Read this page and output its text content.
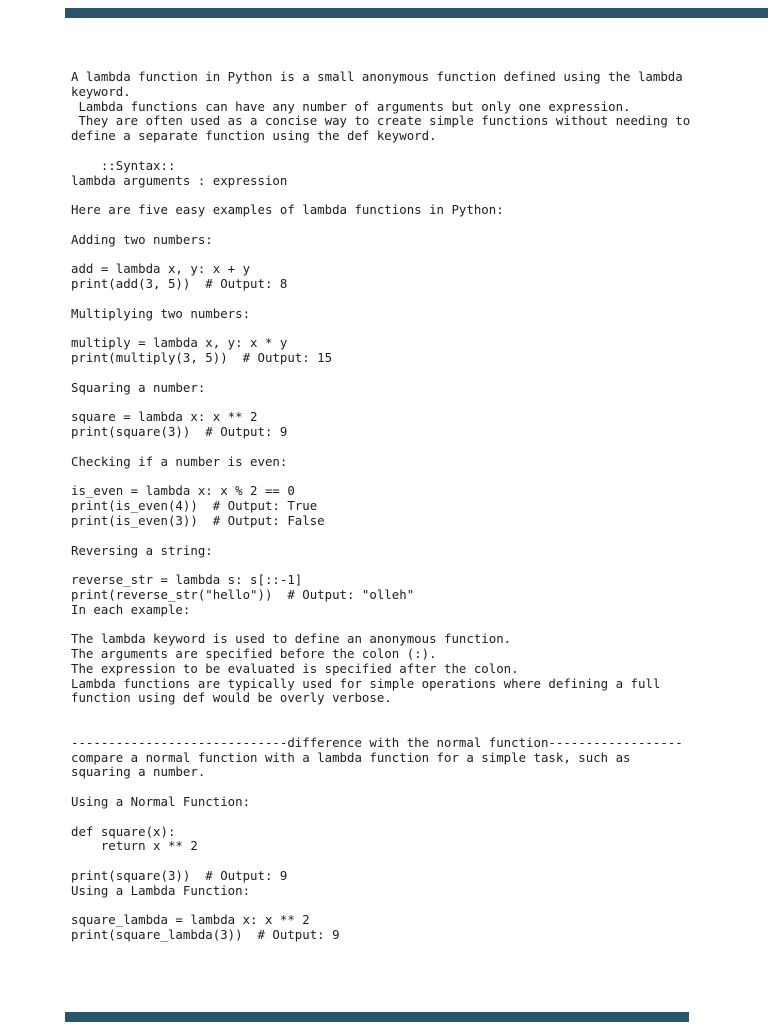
A lambda function in Python is a small anonymous function defined using the lambda
keyword.
Lambda functions can have any number of arguments but only one expression.
They are often used as a concise way to create simple functions without needing to
define a separate function using the def keyword.

::Syntax::
lambda arguments : expression

Here are five easy examples of lambda functions in Python:

Adding two numbers:

add = lambda x, y: x + y
print(add(3, 5))  # Output: 8

Multiplying two numbers:

multiply = lambda x, y: x * y
print(multiply(3, 5))  # Output: 15

Squaring a number:

square = lambda x: x ** 2
print(square(3))  # Output: 9

Checking if a number is even:

is_even = lambda x: x % 2 == 0
print(is_even(4))  # Output: True
print(is_even(3))  # Output: False

Reversing a string:

reverse_str = lambda s: s[::-1]
print(reverse_str("hello"))  # Output: "olleh"
In each example:

The lambda keyword is used to define an anonymous function.
The arguments are specified before the colon (:).
The expression to be evaluated is specified after the colon.
Lambda functions are typically used for simple operations where defining a full
function using def would be overly verbose.

-----------------------------difference with the normal function------------------
compare a normal function with a lambda function for a simple task, such as
squaring a number.

Using a Normal Function:

def square(x):
return x ** 2

print(square(3))  # Output: 9
Using a Lambda Function:

square_lambda = lambda x: x ** 2
print(square_lambda(3))  # Output: 9
